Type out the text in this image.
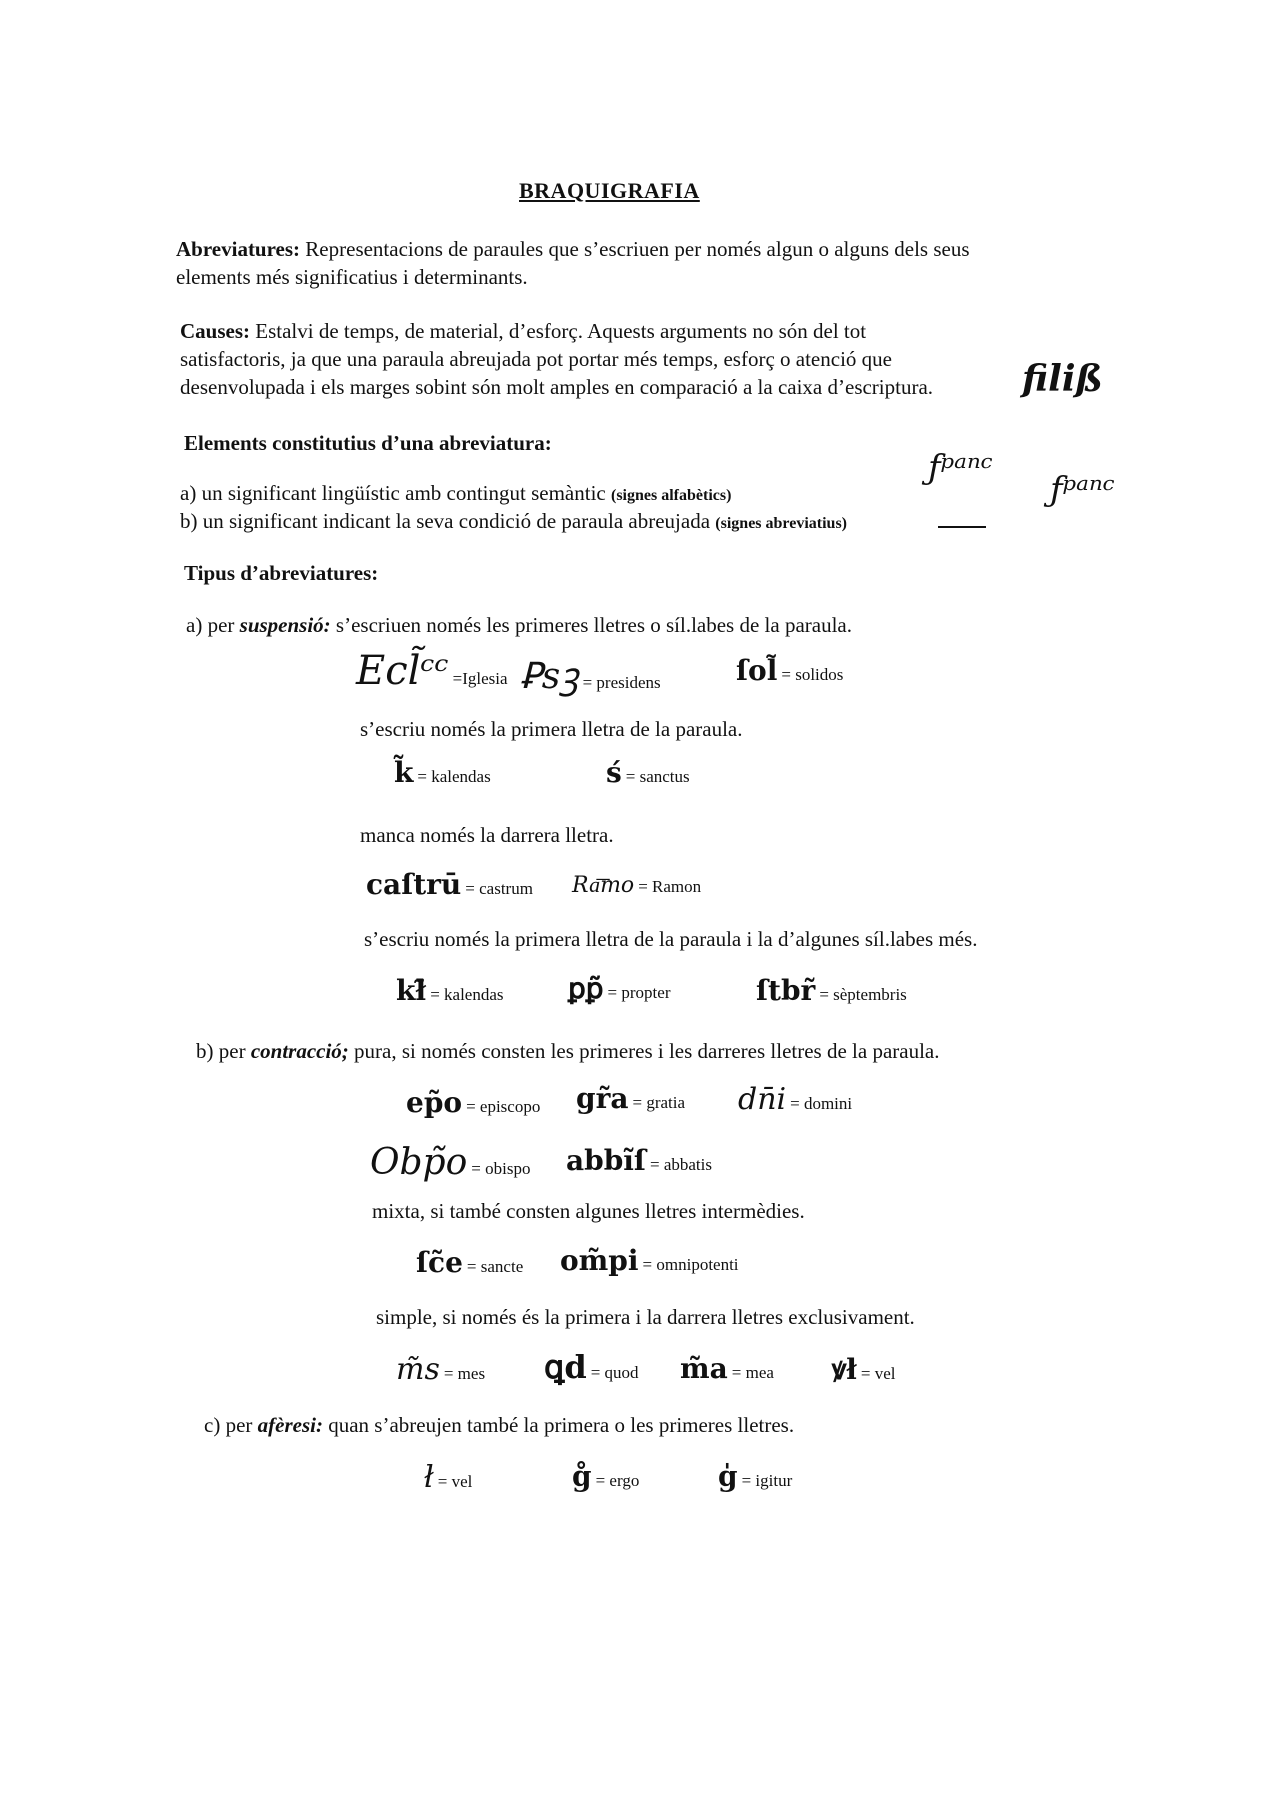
BRAQUIGRAFIA
Abreviatures: Representacions de paraules que s’escriuen per només algun o alguns dels seus
elements més significatius i determinants.
Causes: Estalvi de temps, de material, d’esforç. Aquests arguments no són del tot
satisfactoris, ja que una paraula abreujada pot portar més temps, esforç o atenció que
desenvolupada i els marges sobint són molt amples en comparació a la caixa d’escriptura. filiß
Elements constitutius d’una abreviatura:
a) un significant lingüístic amb contingut semàntic (signes alfabètics)
b) un significant indicant la seva condició de paraula abreujada (signes abreviatius)
ƒᵖᵃⁿᶜ
ƒᵖᵃⁿᶜ
Tipus d’abreviatures:
a) per suspensió: s’escriuen només les primeres lletres o síl.labes de la paraula.
Ecl̃ᶜᶜ =Iglesia Ꝑsꝫ = presidens	ſol̃ = solidos
s’escriu només la primera lletra de la paraula.
k̃ = kalendas	ś = sanctus
manca només la darrera lletra.
caſtrū = castrum Ra͞mo = Ramon
s’escriu només la primera lletra de la paraula i la d’algunes síl.labes més.
kł̃ = kalendas ꝑꝑ̃ = propter	ſtbr̃ = sèptembris
b) per contracció; pura, si només consten les primeres i les darreres lletres de la paraula.
ep̃o = episcopo gr̃a = gratia dn̄i = domini
Obp̃o = obispo abbı̃ſ = abbatis
mixta, si també consten algunes lletres intermèdies.
ſc̃e = sancte om̃pi = omnipotenti
simple, si només és la primera i la darrera lletres exclusivament.
m̃s = mes ꝗd = quod m̃a = mea ꝟł = vel
c) per afèresi: quan s’abreujen també la primera o les primeres lletres.
ł = vel	g̊ = ergo	g̍ = igitur
